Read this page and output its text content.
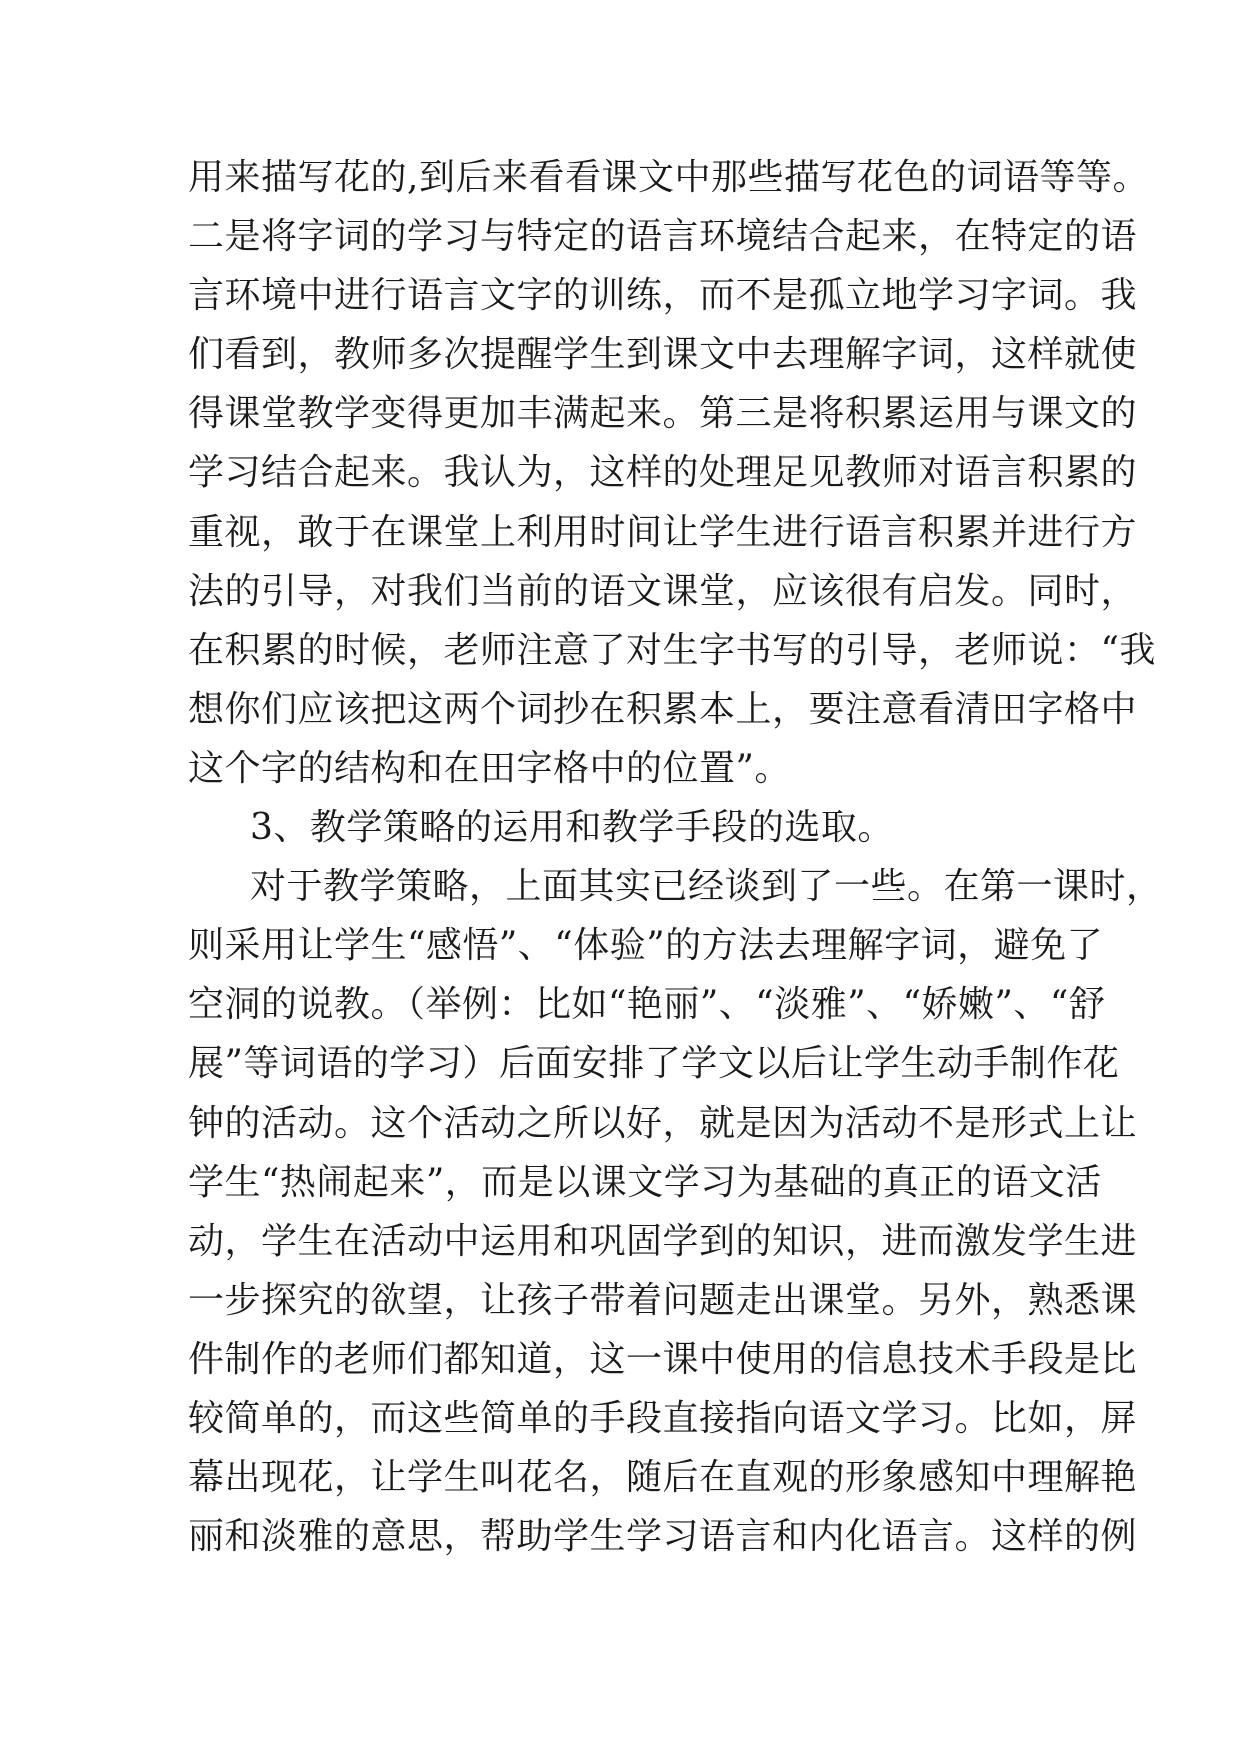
用来描写花的,到后来看看课文中那些描写花色的词语等等。
二是将字词的学习与特定的语言环境结合起来，在特定的语
言环境中进行语言文字的训练，而不是孤立地学习字词。我
们看到，教师多次提醒学生到课文中去理解字词，这样就使
得课堂教学变得更加丰满起来。第三是将积累运用与课文的
学习结合起来。我认为，这样的处理足见教师对语言积累的
重视，敢于在课堂上利用时间让学生进行语言积累并进行方
法的引导，对我们当前的语文课堂，应该很有启发。同时，
在积累的时候，老师注意了对生字书写的引导，老师说：“我
想你们应该把这两个词抄在积累本上，要注意看清田字格中
这个字的结构和在田字格中的位置”。
3、教学策略的运用和教学手段的选取。
对于教学策略，上面其实已经谈到了一些。在第一课时，
则采用让学生“感悟”、“体验”的方法去理解字词，避免了
空洞的说教。（举例：比如“艳丽”、“淡雅”、“娇嫩”、“舒
展”等词语的学习）后面安排了学文以后让学生动手制作花
钟的活动。这个活动之所以好，就是因为活动不是形式上让
学生“热闹起来”，而是以课文学习为基础的真正的语文活
动，学生在活动中运用和巩固学到的知识，进而激发学生进
一步探究的欲望，让孩子带着问题走出课堂。另外，熟悉课
件制作的老师们都知道，这一课中使用的信息技术手段是比
较简单的，而这些简单的手段直接指向语文学习。比如，屏
幕出现花，让学生叫花名，随后在直观的形象感知中理解艳
丽和淡雅的意思，帮助学生学习语言和内化语言。这样的例
